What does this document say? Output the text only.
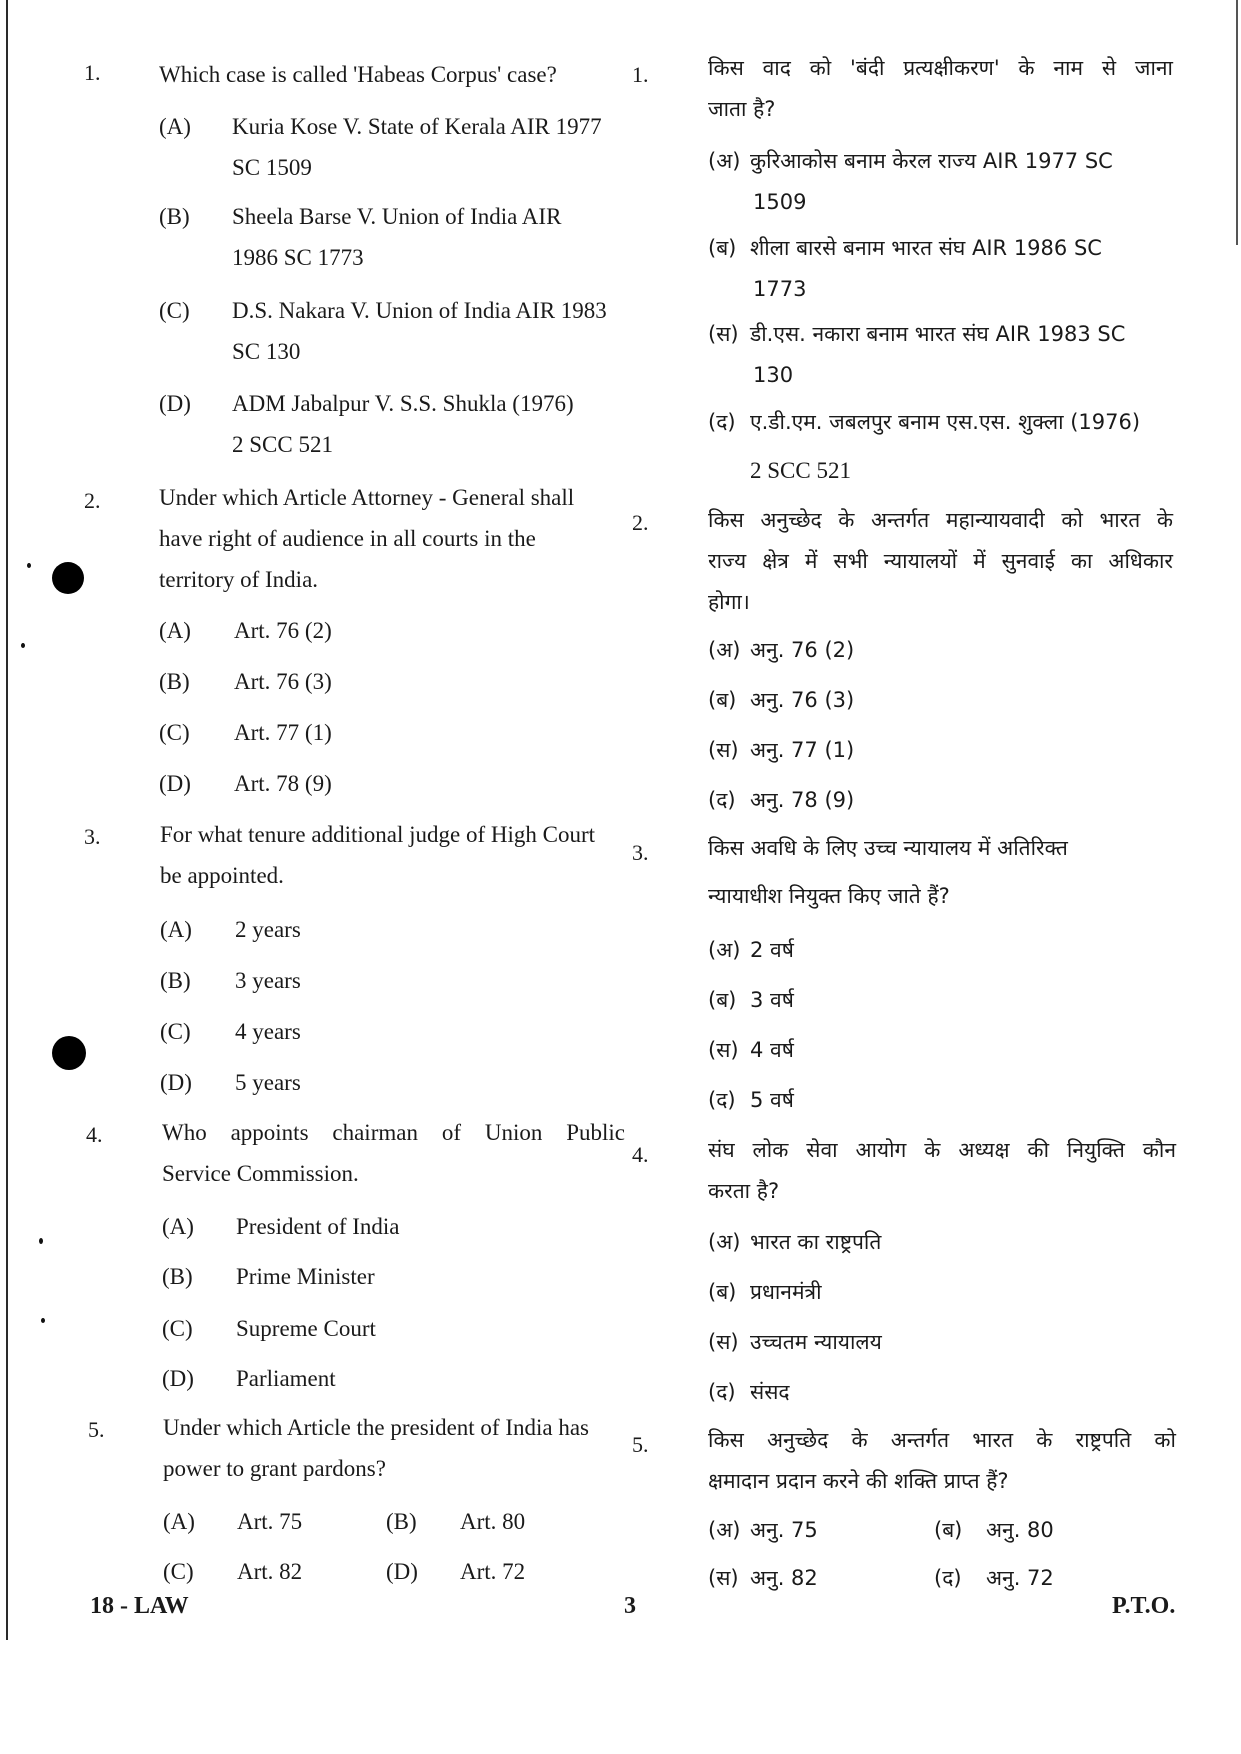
1.	Which case is called 'Habeas Corpus' case?
(A) Kuria Kose V. State of Kerala AIR 1977
SC 1509
(B) Sheela Barse V. Union of India AIR
1986 SC 1773
(C) D.S. Nakara V. Union of India AIR 1983
SC 130
(D) ADM Jabalpur V. S.S. Shukla (1976)
2 SCC 521
2.	Under which Article Attorney - General shall
have right of audience in all courts in the
territory of India.
(A) Art. 76 (2)
(B) Art. 76 (3)
(C) Art. 77 (1)
(D) Art. 78 (9)
3.	For what tenure additional judge of High Court
be appointed.
(A) 2 years
(B) 3 years
(C) 4 years
(D) 5 years
4.	Who appoints chairman of Union Public
Service Commission.
(A) President of India
(B) Prime Minister
(C) Supreme Court
(D) Parliament
5.	Under which Article the president of India has
power to grant pardons?
(A) Art. 75	(B) Art. 80
(C) Art. 82	(D) Art. 72
1.	किस वाद को 'बंदी प्रत्यक्षीकरण' के नाम से जाना
जाता है?
(अ) कुरिआकोस बनाम केरल राज्य AIR 1977 SC
1509
(ब) शीला बारसे बनाम भारत संघ AIR 1986 SC
1773
(स) डी.एस. नकारा बनाम भारत संघ AIR 1983 SC
130
(द) ए.डी.एम. जबलपुर बनाम एस.एस. शुक्ला (1976)
2 SCC 521
2.	किस अनुच्छेद के अन्तर्गत महान्यायवादी को भारत के
राज्य क्षेत्र में सभी न्यायालयों में सुनवाई का अधिकार
होगा।
(अ) अनु. 76 (2)
(ब) अनु. 76 (3)
(स) अनु. 77 (1)
(द) अनु. 78 (9)
3.	किस अवधि के लिए उच्च न्यायालय में अतिरिक्त
न्यायाधीश नियुक्त किए जाते हैं?
(अ) 2 वर्ष
(ब) 3 वर्ष
(स) 4 वर्ष
(द) 5 वर्ष
4.	संघ लोक सेवा आयोग के अध्यक्ष की नियुक्ति कौन
करता है?
(अ) भारत का राष्ट्रपति
(ब) प्रधानमंत्री
(स) उच्चतम न्यायालय
(द) संसद
5.	किस अनुच्छेद के अन्तर्गत भारत के राष्ट्रपति को
क्षमादान प्रदान करने की शक्ति प्राप्त हैं?
(अ) अनु. 75	(ब) अनु. 80
(स) अनु. 82	(द) अनु. 72
18 - LAW	3	P.T.O.
